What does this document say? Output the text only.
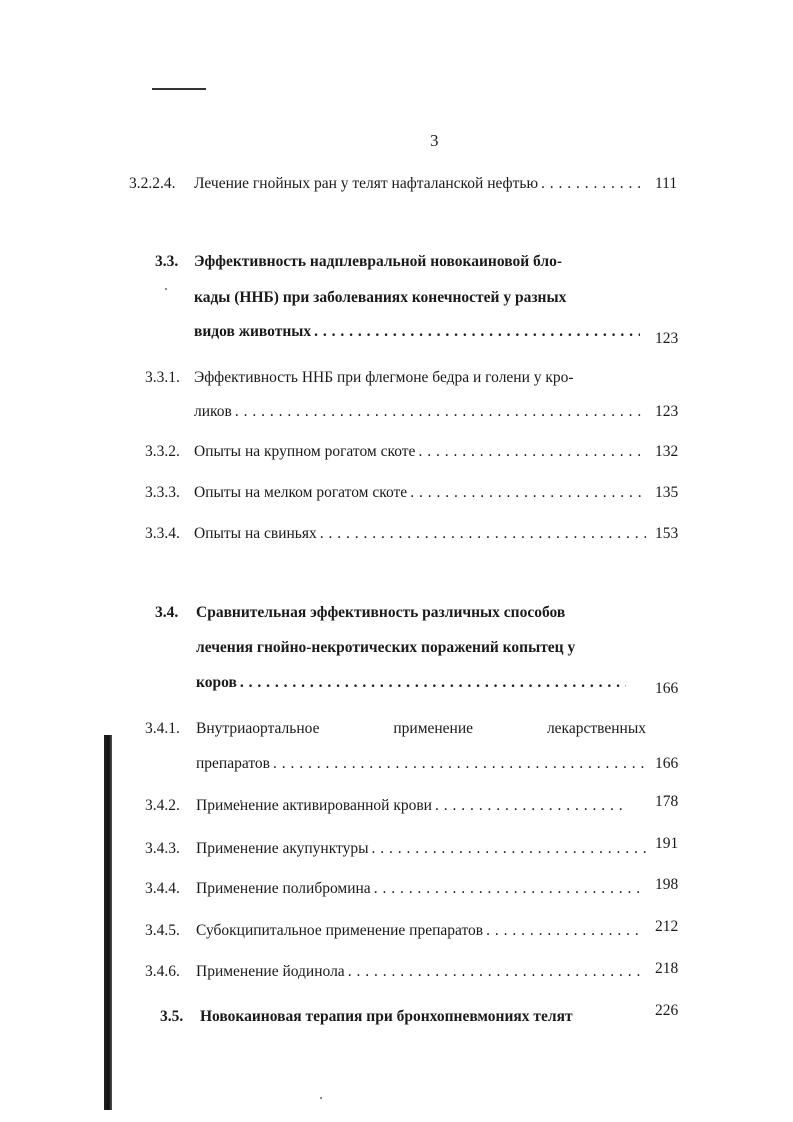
3
3.2.2.4. Лечение гнойных ран у телят нафталанской нефтью . . .	111
3.3. Эффективность надплевральной новокаиновой бло-
кады (ННБ) при заболеваниях конечностей у разных
видов животных . . .	123
3.3.1. Эффективность ННБ при флегмоне бедра и голени у кро-
ликов . . .	123
3.3.2. Опыты на крупном рогатом скоте . . .	132
3.3.3. Опыты на мелком рогатом скоте . . .	135
3.3.4. Опыты на свиньях . . .	153
3.4. Сравнительная эффективность различных способов
лечения гнойно-некротических поражений копытец у
коров . . .	166
3.4.1. Внутриаортальное	применение	лекарственных
препаратов . . .	166
3.4.2. Применение активированной крови . . .	178
3.4.3. Применение акупунктуры . . .	191
3.4.4. Применение полибромина . . .	198
3.4.5. Субокципитальное применение препаратов . . .	212
3.4.6. Применение йодинола . . .	218
3.5. Новокаиновая терапия при бронхопневмониях телят	226
